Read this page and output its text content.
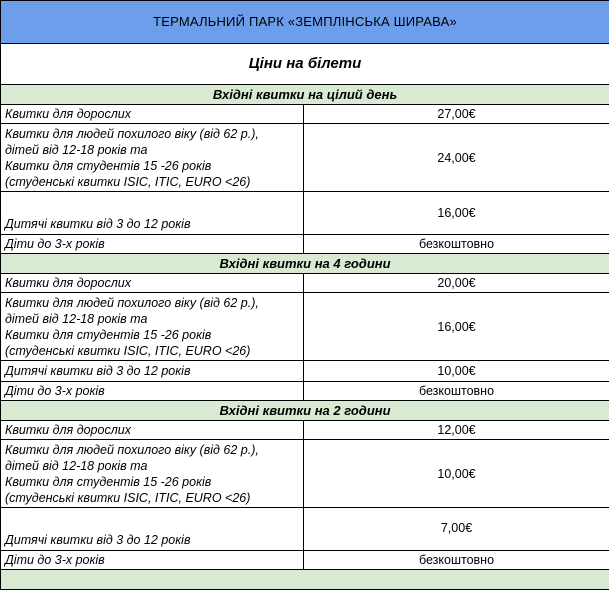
ТЕРМАЛЬНИЙ ПАРК «ЗЕМПЛІНСЬКА ШИРАВА»	
Ціни на білети	
Вхідні квитки на цілий день	

Квитки для дорослих	27,00€

Квитки для людей похилого віку (від 62 р.),
дітей від 12-18 років та
Квитки для студентів 15 -26 років
(студенські квитки ISIC, ITIC, EURO <26)	24,00€

Дитячі квитки від 3 до 12 років	16,00€

Діти до 3-х років	безкоштовно
Вхідні квитки на 4 години	

Квитки для дорослих	20,00€

Квитки для людей похилого віку (від 62 р.),
дітей від 12-18 років та
Квитки для студентів 15 -26 років
(студенські квитки ISIC, ITIC, EURO <26)	16,00€

Дитячі квитки від 3 до 12 років	10,00€

Діти до 3-х років	безкоштовно
Вхідні квитки на 2 години	

Квитки для дорослих	12,00€

Квитки для людей похилого віку (від 62 р.),
дітей від 12-18 років та
Квитки для студентів 15 -26 років
(студенські квитки ISIC, ITIC, EURO <26)	10,00€

Дитячі квитки від 3 до 12 років	7,00€

Діти до 3-х років	безкоштовно
